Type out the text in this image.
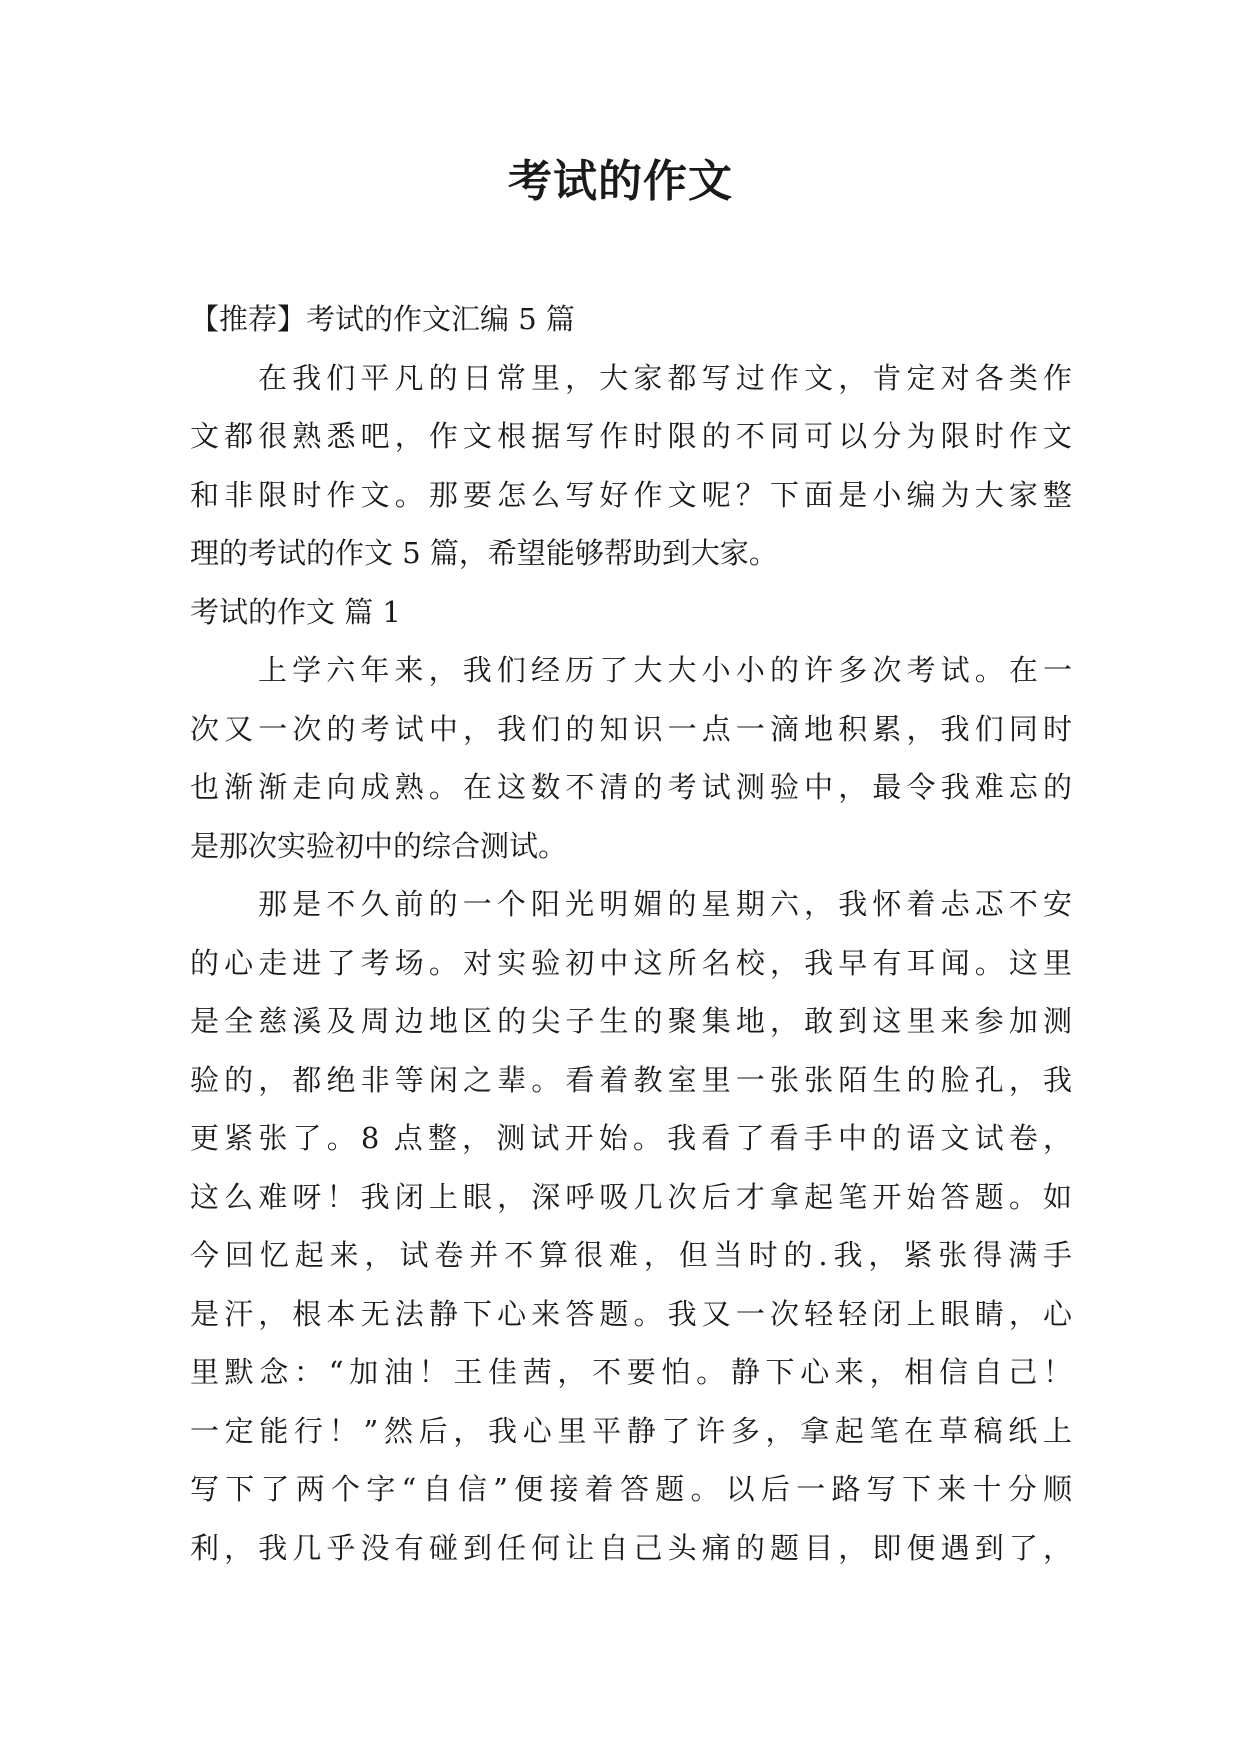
考试的作文
【推荐】考试的作文汇编 5 篇
在我们平凡的日常里，大家都写过作文，肯定对各类作
文都很熟悉吧，作文根据写作时限的不同可以分为限时作文
和非限时作文。那要怎么写好作文呢？下面是小编为大家整
理的考试的作文 5 篇，希望能够帮助到大家。
考试的作文 篇 1
上学六年来，我们经历了大大小小的许多次考试。在一
次又一次的考试中，我们的知识一点一滴地积累，我们同时
也渐渐走向成熟。在这数不清的考试测验中，最令我难忘的
是那次实验初中的综合测试。
那是不久前的一个阳光明媚的星期六，我怀着忐忑不安
的心走进了考场。对实验初中这所名校，我早有耳闻。这里
是全慈溪及周边地区的尖子生的聚集地，敢到这里来参加测
验的，都绝非等闲之辈。看着教室里一张张陌生的脸孔，我
更紧张了。8 点整，测试开始。我看了看手中的语文试卷，
这么难呀！我闭上眼，深呼吸几次后才拿起笔开始答题。如
今回忆起来，试卷并不算很难，但当时的.我，紧张得满手
是汗，根本无法静下心来答题。我又一次轻轻闭上眼睛，心
里默念：“加油！王佳茜，不要怕。静下心来，相信自己！
一定能行！”然后，我心里平静了许多，拿起笔在草稿纸上
写下了两个字“自信”便接着答题。以后一路写下来十分顺
利，我几乎没有碰到任何让自己头痛的题目，即便遇到了，
